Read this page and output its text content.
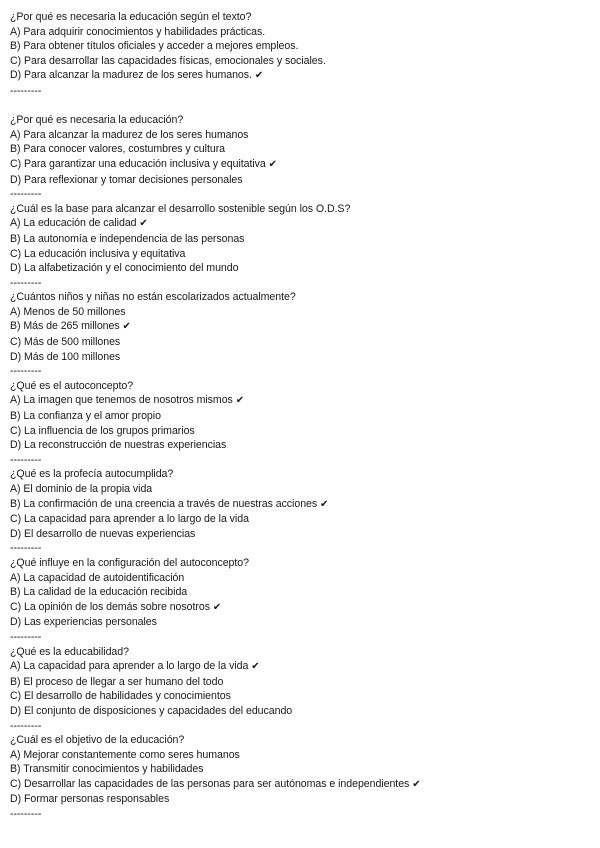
¿Por qué es necesaria la educación según el texto?
A) Para adquirir conocimientos y habilidades prácticas.
B) Para obtener títulos oficiales y acceder a mejores empleos.
C) Para desarrollar las capacidades físicas, emocionales y sociales.
D) Para alcanzar la madurez de los seres humanos. ✔
---------
¿Por qué es necesaria la educación?
A) Para alcanzar la madurez de los seres humanos
B) Para conocer valores, costumbres y cultura
C) Para garantizar una educación inclusiva y equitativa ✔
D) Para reflexionar y tomar decisiones personales
---------
¿Cuál es la base para alcanzar el desarrollo sostenible según los O.D.S?
A) La educación de calidad ✔
B) La autonomía e independencia de las personas
C) La educación inclusiva y equitativa
D) La alfabetización y el conocimiento del mundo
---------
¿Cuántos niños y niñas no están escolarizados actualmente?
A) Menos de 50 millones
B) Más de 265 millones ✔
C) Más de 500 millones
D) Más de 100 millones
---------
¿Qué es el autoconcepto?
A) La imagen que tenemos de nosotros mismos ✔
B) La confianza y el amor propio
C) La influencia de los grupos primarios
D) La reconstrucción de nuestras experiencias
---------
¿Qué es la profecía autocumplida?
A) El dominio de la propia vida
B) La confirmación de una creencia a través de nuestras acciones ✔
C) La capacidad para aprender a lo largo de la vida
D) El desarrollo de nuevas experiencias
---------
¿Qué influye en la configuración del autoconcepto?
A) La capacidad de autoidentificación
B) La calidad de la educación recibida
C) La opinión de los demás sobre nosotros ✔
D) Las experiencias personales
---------
¿Qué es la educabilidad?
A) La capacidad para aprender a lo largo de la vida ✔
B) El proceso de llegar a ser humano del todo
C) El desarrollo de habilidades y conocimientos
D) El conjunto de disposiciones y capacidades del educando
---------
¿Cuál es el objetivo de la educación?
A) Mejorar constantemente como seres humanos
B) Transmitir conocimientos y habilidades
C) Desarrollar las capacidades de las personas para ser autónomas e independientes ✔
D) Formar personas responsables
---------
